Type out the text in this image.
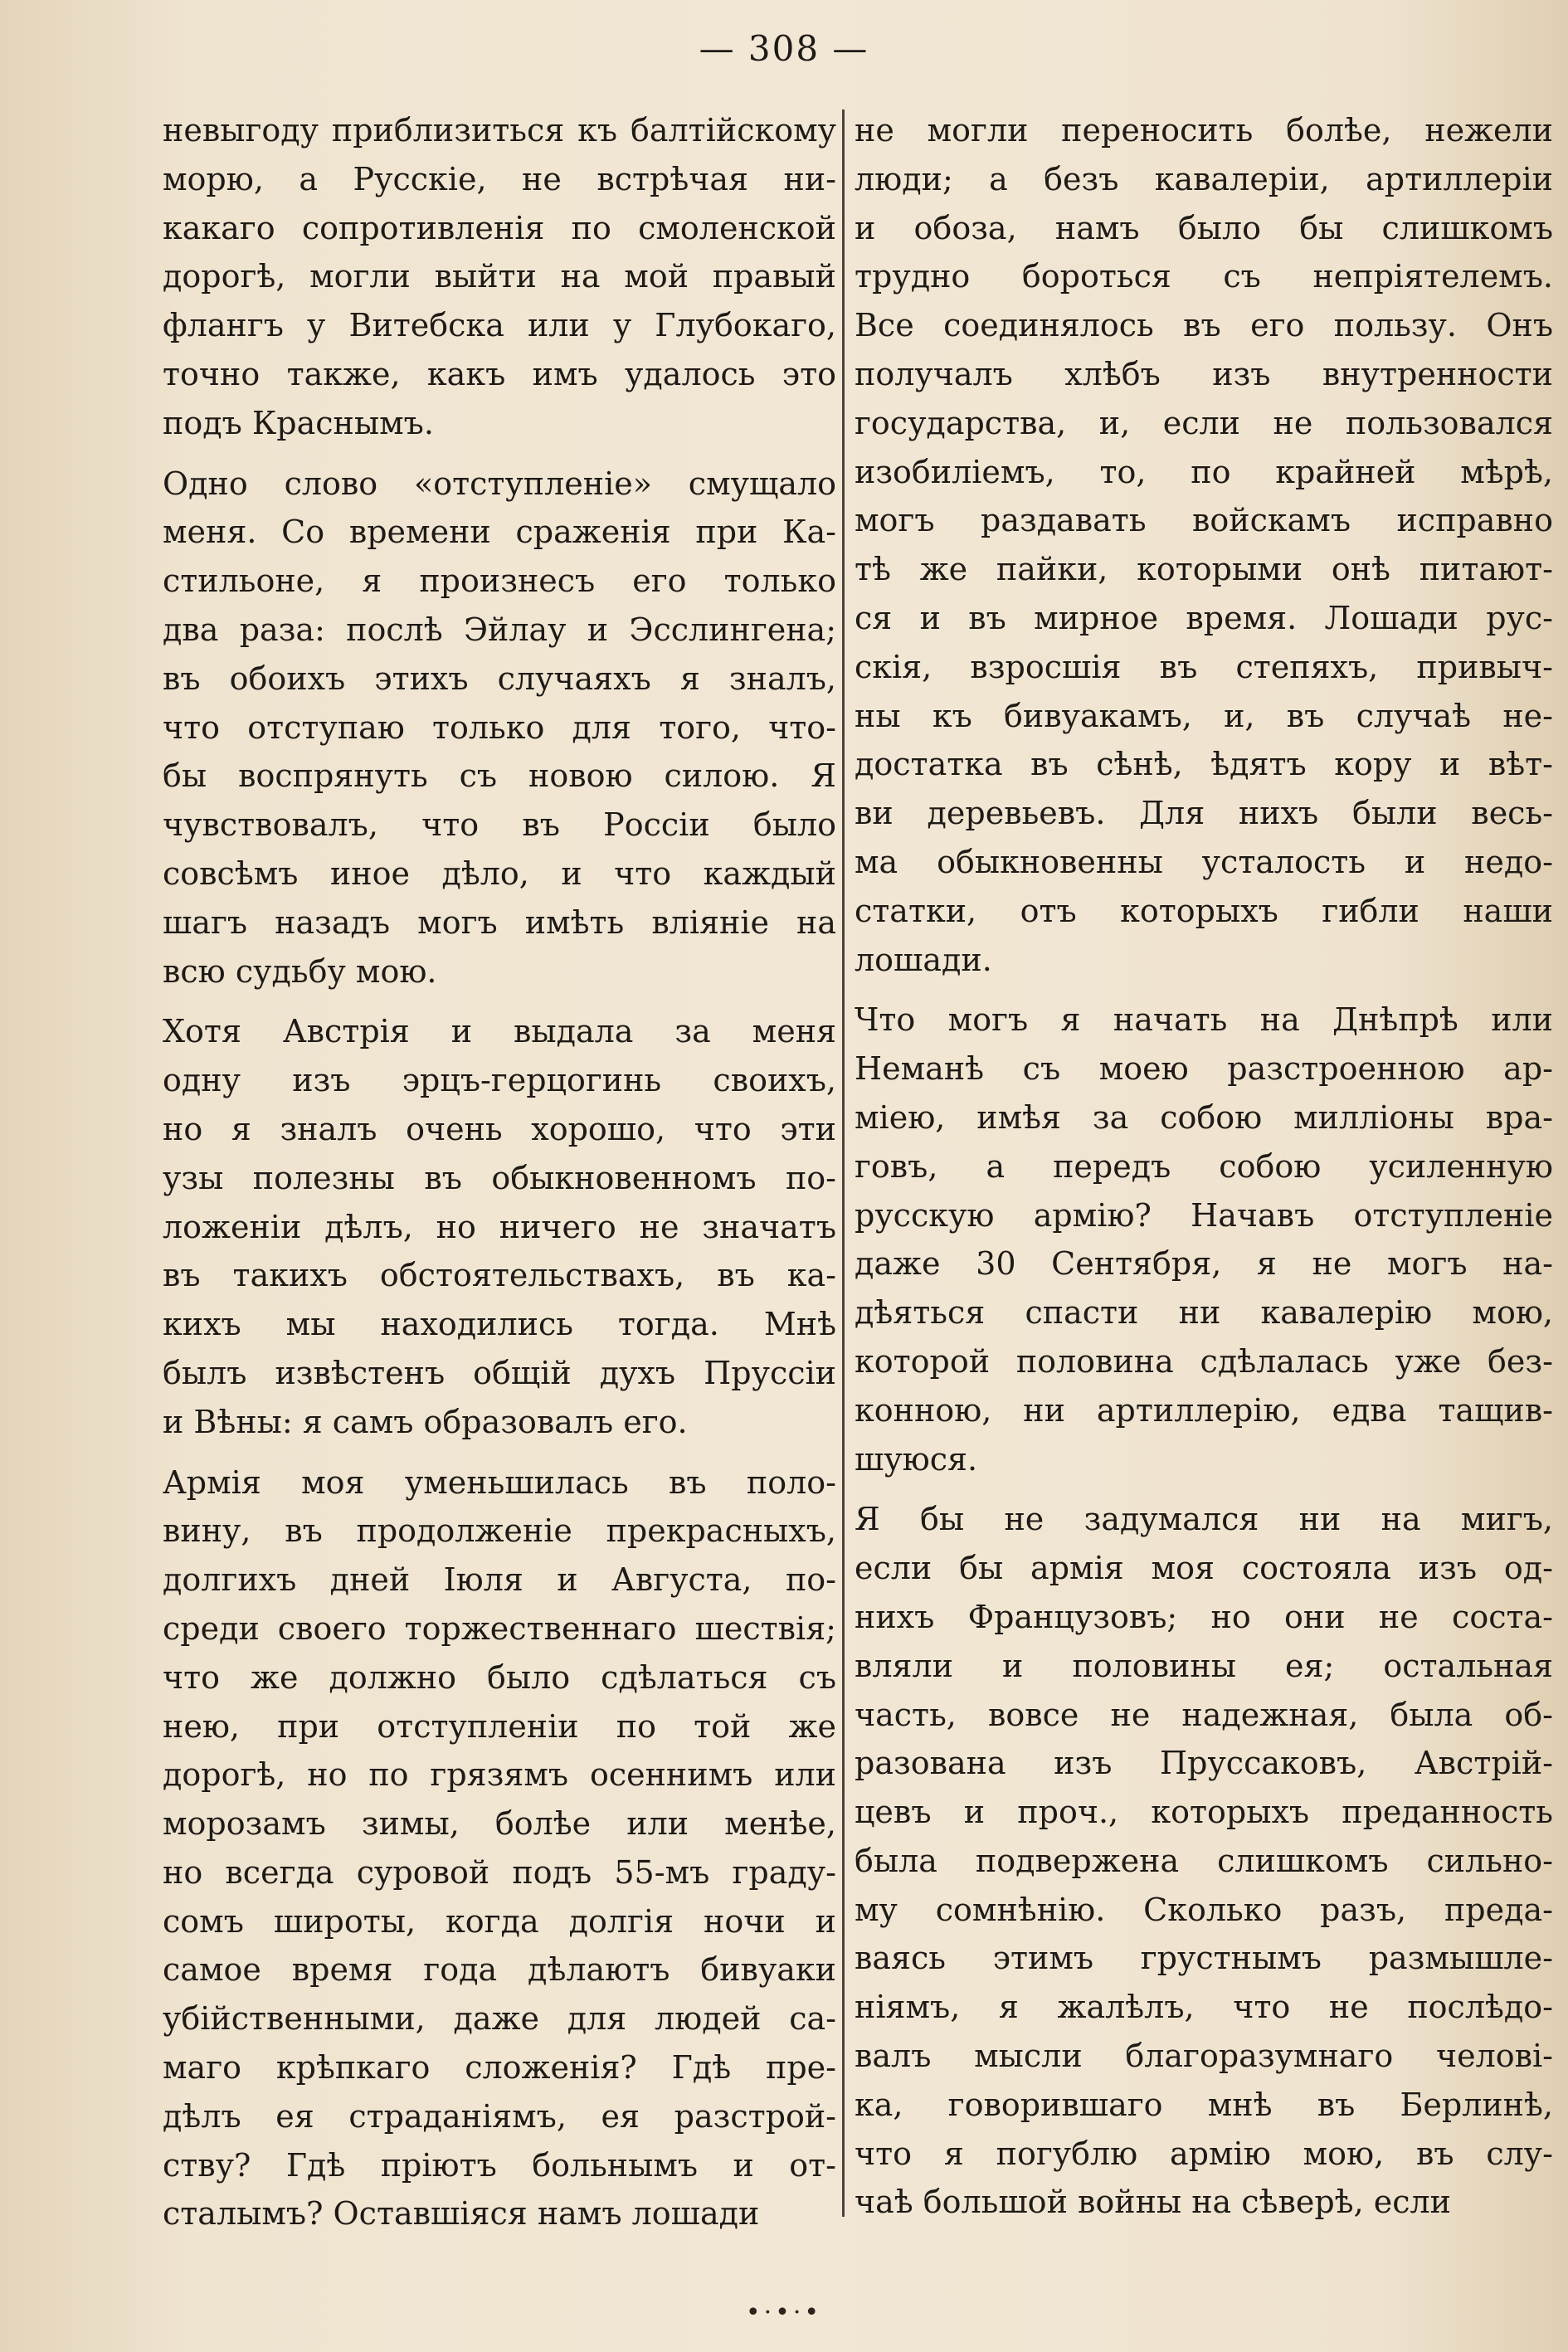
— 308 —
невыгоду приблизиться къ балтійскому
морю, а Русскіе, не встрѣчая ни-
какаго сопротивленія по смоленской
дорогѣ, могли выйти на мой правый
флангъ у Витебска или у Глубокаго,
точно также, какъ имъ удалось это
подъ Краснымъ.
Одно слово «отступленіе» смущало
меня. Со времени сраженія при Ка-
стильоне, я произнесъ его только
два раза: послѣ Эйлау и Эсслингена;
въ обоихъ этихъ случаяхъ я зналъ,
что отступаю только для того, что-
бы воспрянуть съ новою силою. Я
чувствовалъ, что въ Россіи было
совсѣмъ иное дѣло, и что каждый
шагъ назадъ могъ имѣть вліяніе на
всю судьбу мою.
Хотя Австрія и выдала за меня
одну изъ эрцъ-герцогинь своихъ,
но я зналъ очень хорошо, что эти
узы полезны въ обыкновенномъ по-
ложеніи дѣлъ, но ничего не значатъ
въ такихъ обстоятельствахъ, въ ка-
кихъ мы находились тогда. Мнѣ
былъ извѣстенъ общій духъ Пруссіи
и Вѣны: я самъ образовалъ его.
Армія моя уменьшилась въ поло-
вину, въ продолженіе прекрасныхъ,
долгихъ дней Іюля и Августа, по-
среди своего торжественнаго шествія;
что же должно было сдѣлаться съ
нею, при отступленіи по той же
дорогѣ, но по грязямъ осеннимъ или
морозамъ зимы, болѣе или менѣе,
но всегда суровой подъ 55-мъ граду-
сомъ широты, когда долгія ночи и
самое время года дѣлаютъ бивуаки
убійственными, даже для людей са-
маго крѣпкаго сложенія? Гдѣ пре-
дѣлъ ея страданіямъ, ея разстрой-
ству? Гдѣ пріютъ больнымъ и от-
сталымъ? Оставшіяся намъ лошади
не могли переносить болѣе, нежели
люди; а безъ кавалеріи, артиллеріи
и обоза, намъ было бы слишкомъ
трудно бороться съ непріятелемъ.
Все соединялось въ его пользу. Онъ
получалъ хлѣбъ изъ внутренности
государства, и, если не пользовался
изобиліемъ, то, по крайней мѣрѣ,
могъ раздавать войскамъ исправно
тѣ же пайки, которыми онѣ питают-
ся и въ мирное время. Лошади рус-
скія, взросшія въ степяхъ, привыч-
ны къ бивуакамъ, и, въ случаѣ не-
достатка въ сѣнѣ, ѣдятъ кору и вѣт-
ви деревьевъ. Для нихъ были весь-
ма обыкновенны усталость и недо-
статки, отъ которыхъ гибли наши
лошади.
Что могъ я начать на Днѣпрѣ или
Неманѣ съ моею разстроенною ар-
міею, имѣя за собою милліоны вра-
говъ, а передъ собою усиленную
русскую армію? Начавъ отступленіе
даже 30 Сентября, я не могъ на-
дѣяться спасти ни кавалерію мою,
которой половина сдѣлалась уже без-
конною, ни артиллерію, едва тащив-
шуюся.
Я бы не задумался ни на мигъ,
если бы армія моя состояла изъ од-
нихъ Французовъ; но они не соста-
вляли и половины ея; остальная
часть, вовсе не надежная, была об-
разована изъ Пруссаковъ, Австрій-
цевъ и проч., которыхъ преданность
была подвержена слишкомъ сильно-
му сомнѣнію. Сколько разъ, преда-
ваясь этимъ грустнымъ размышле-
ніямъ, я жалѣлъ, что не послѣдо-
валъ мысли благоразумнаго челові-
ка, говорившаго мнѣ въ Берлинѣ,
что я погублю армію мою, въ слу-
чаѣ большой войны на сѣверѣ, если
•·•·•
